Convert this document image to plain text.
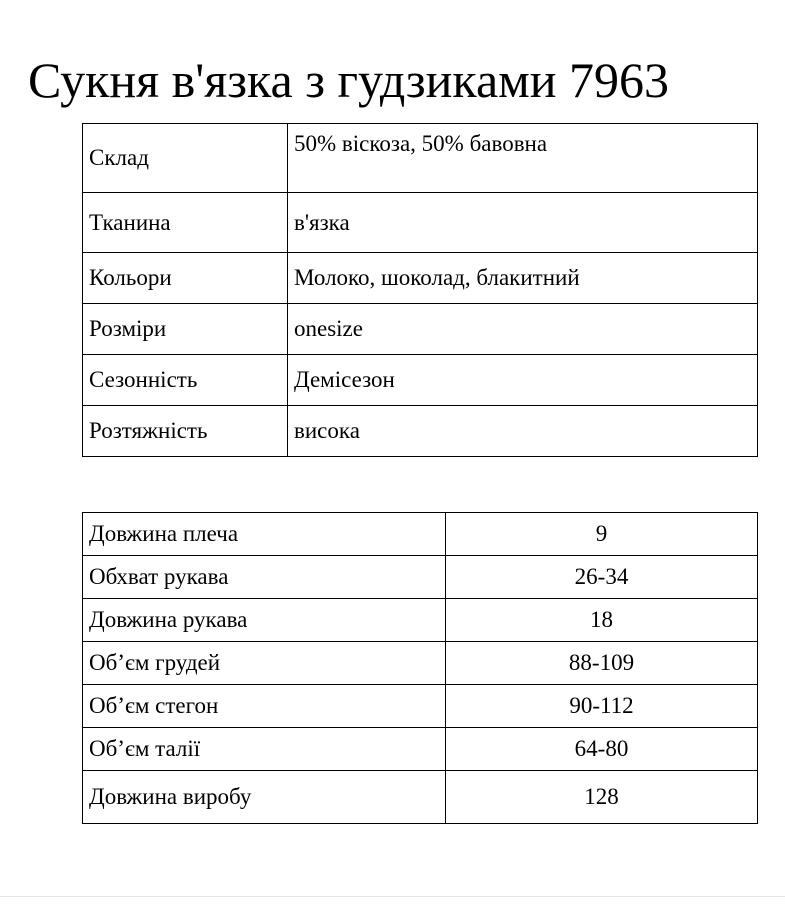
Сукня в'язка з гудзиками 7963
Склад	50% віскоза, 50% бавовна
Тканина	в'язка
Кольори	Молоко, шоколад, блакитний
Розміри	onesize
Сезонність	Демісезон
Розтяжність	висока
Довжина плеча	9
Обхват рукава	26-34
Довжина рукава	18
Об’єм грудей	88-109
Об’єм стегон	90-112
Об’єм талії	64-80
Довжина виробу	128
